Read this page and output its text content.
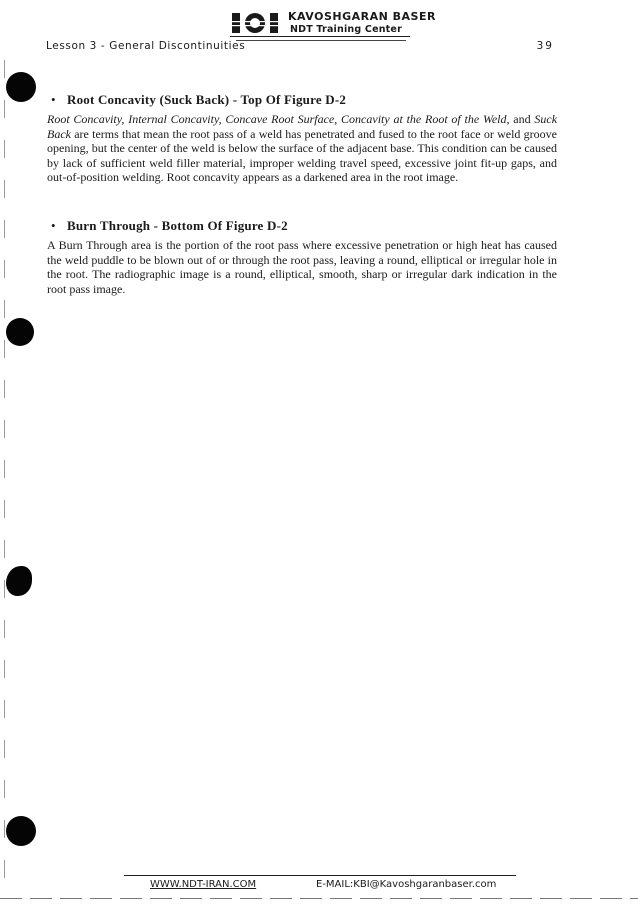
KAVOSHGARAN BASER
NDT Training Center
Lesson 3 - General Discontinuities	39
• Root Concavity (Suck Back) - Top Of Figure D-2

Root Concavity, Internal Concavity, Concave Root Surface, Concavity at the Root of the Weld, and Suck Back are terms that mean the root pass of a weld has penetrated and fused to the root face or weld groove opening, but the center of the weld is below the surface of the adjacent base. This condition can be caused by lack of sufficient weld filler material, improper welding travel speed, excessive joint fit-up gaps, and out-of-position welding. Root concavity appears as a darkened area in the root image.

• Burn Through - Bottom Of Figure D-2

A Burn Through area is the portion of the root pass where excessive penetration or high heat has caused the weld puddle to be blown out of or through the root pass, leaving a round, elliptical or irregular hole in the root. The radiographic image is a round, elliptical, smooth, sharp or irregular dark indication in the root pass image.

WWW.NDT-IRAN.COM	E-MAIL:KBI@Kavoshgaranbaser.com
